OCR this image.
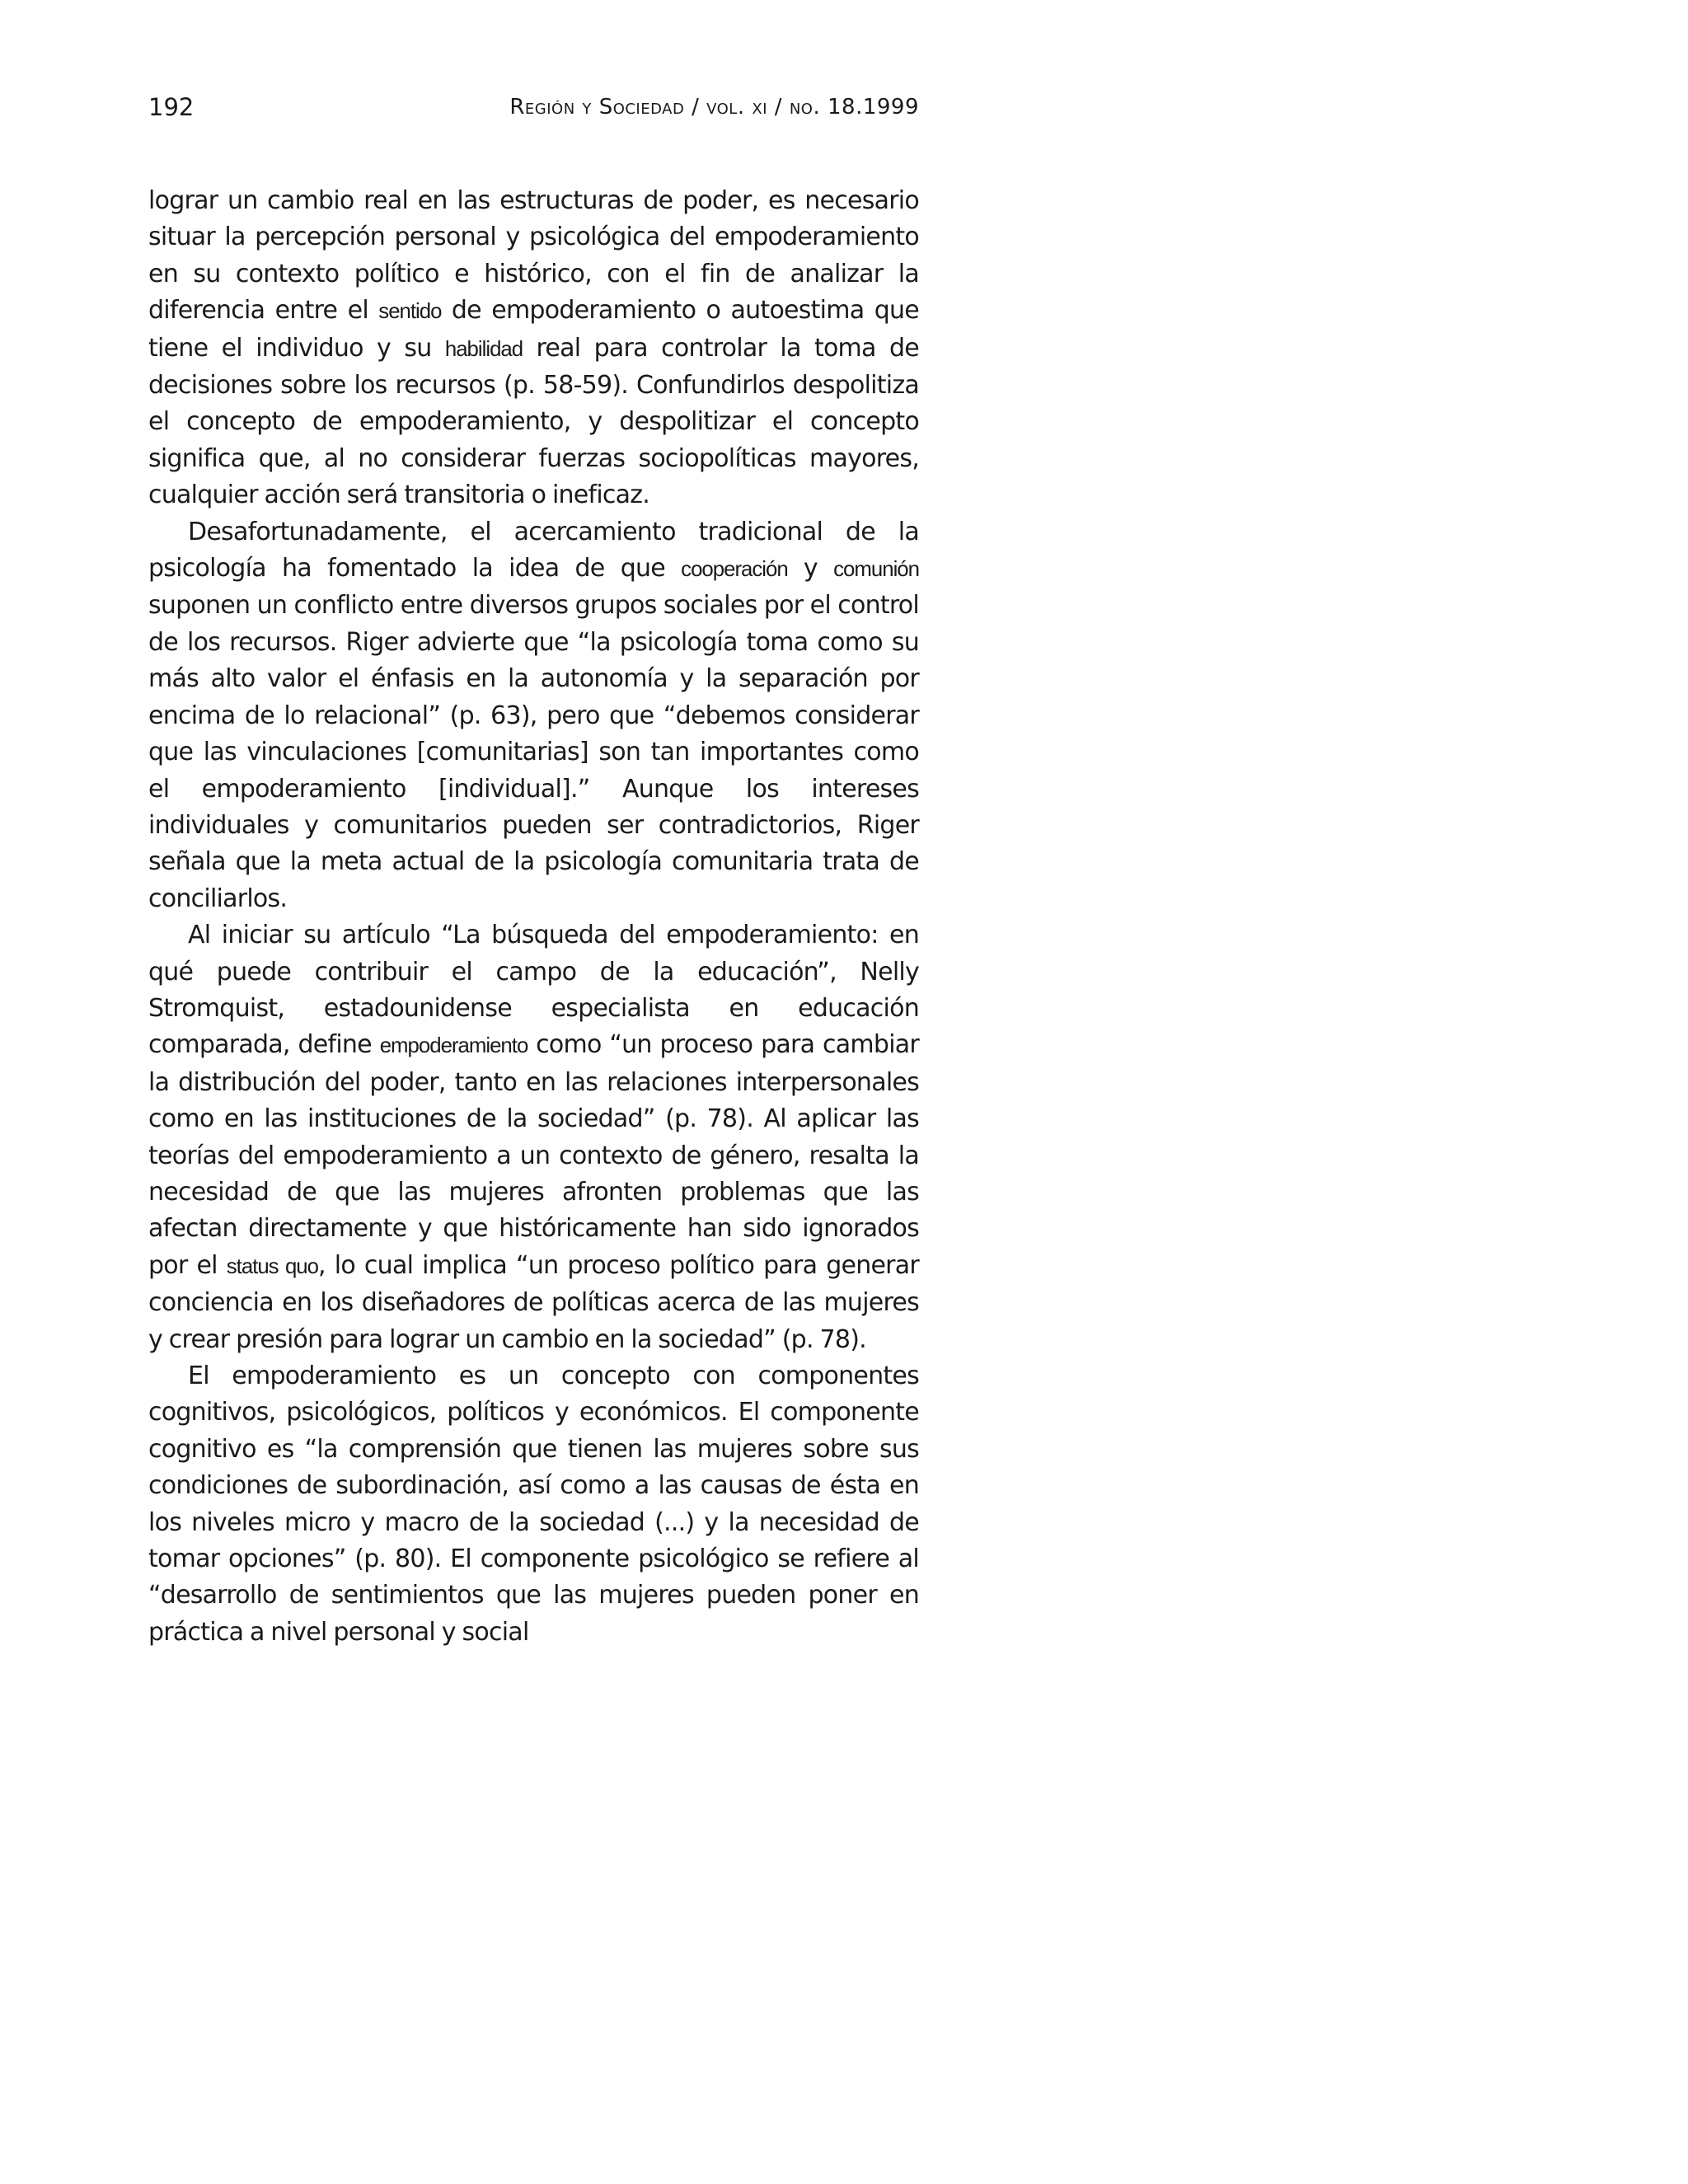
192	Región y Sociedad / vol. xi / no. 18.1999

lograr un cambio real en las estructuras de poder, es necesario situar la percepción personal y psicológica del empoderamiento en su contexto político e histórico, con el fin de analizar la diferencia entre el sentido de empoderamiento o autoestima que tiene el individuo y su habilidad real para controlar la toma de decisiones sobre los recursos (p. 58-59). Confundirlos despolitiza el concepto de empoderamiento, y despolitizar el concepto significa que, al no considerar fuerzas sociopolíticas mayores, cualquier acción será transitoria o ineficaz.

Desafortunadamente, el acercamiento tradicional de la psicología ha fomentado la idea de que cooperación y comunión suponen un conflicto entre diversos grupos sociales por el control de los recursos. Riger advierte que “la psicología toma como su más alto valor el énfasis en la autonomía y la separación por encima de lo relacional” (p. 63), pero que “debemos considerar que las vinculaciones [comunitarias] son tan importantes como el empoderamiento [individual].” Aunque los intereses individuales y comunitarios pueden ser contradictorios, Riger señala que la meta actual de la psicología comunitaria trata de conciliarlos.

Al iniciar su artículo “La búsqueda del empoderamiento: en qué puede contribuir el campo de la educación”, Nelly Stromquist, estadounidense especialista en educación comparada, define empoderamiento como “un proceso para cambiar la distribución del poder, tanto en las relaciones interpersonales como en las instituciones de la sociedad” (p. 78). Al aplicar las teorías del empoderamiento a un contexto de género, resalta la necesidad de que las mujeres afronten problemas que las afectan directamente y que históricamente han sido ignorados por el status quo, lo cual implica “un proceso político para generar conciencia en los diseñadores de políticas acerca de las mujeres y crear presión para lograr un cambio en la sociedad” (p. 78).

El empoderamiento es un concepto con componentes cognitivos, psicológicos, políticos y económicos. El componente cognitivo es “la comprensión que tienen las mujeres sobre sus condiciones de subordinación, así como a las causas de ésta en los niveles micro y macro de la sociedad (...) y la necesidad de tomar opciones” (p. 80). El componente psicológico se refiere al “desarrollo de sentimientos que las mujeres pueden poner en práctica a nivel personal y social
